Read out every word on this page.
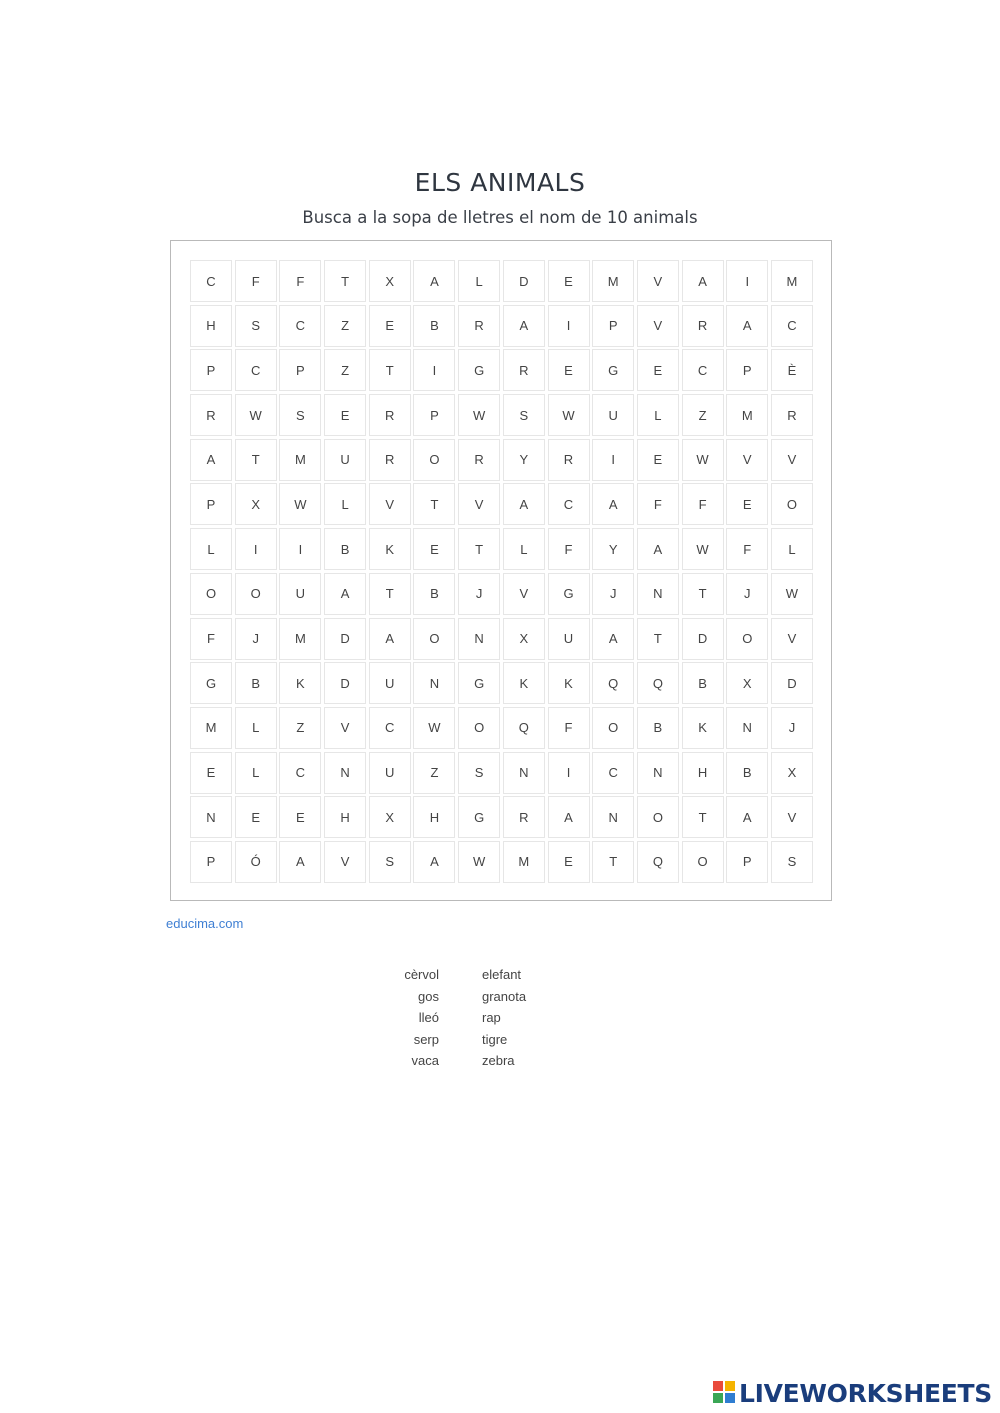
ELS ANIMALS
Busca a la sopa de lletres el nom de 10 animals
C	F	F	T	X	A	L	D	E	M	V	A	I	M
H	S	C	Z	E	B	R	A	I	P	V	R	A	C
P	C	P	Z	T	I	G	R	E	G	E	C	P	È
R	W	S	E	R	P	W	S	W	U	L	Z	M	R
A	T	M	U	R	O	R	Y	R	I	E	W	V	V
P	X	W	L	V	T	V	A	C	A	F	F	E	O
L	I	I	B	K	E	T	L	F	Y	A	W	F	L
O	O	U	A	T	B	J	V	G	J	N	T	J	W
F	J	M	D	A	O	N	X	U	A	T	D	O	V
G	B	K	D	U	N	G	K	K	Q	Q	B	X	D
M	L	Z	V	C	W	O	Q	F	O	B	K	N	J
E	L	C	N	U	Z	S	N	I	C	N	H	B	X
N	E	E	H	X	H	G	R	A	N	O	T	A	V
P	Ó	A	V	S	A	W	M	E	T	Q	O	P	S
educima.com
cèrvol
gos
lleó
serp
vaca
elefant
granota
rap
tigre
zebra
LIVEWORKSHEETS
